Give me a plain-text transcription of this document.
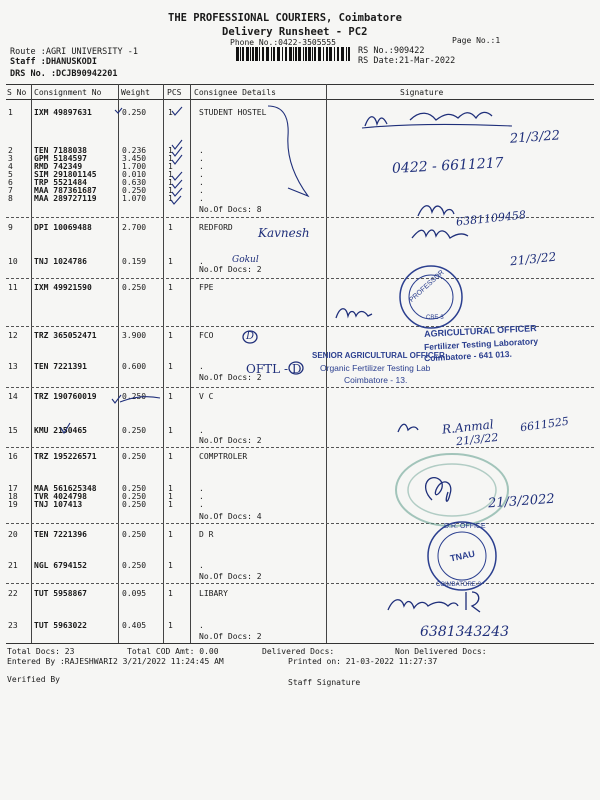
THE PROFESSIONAL COURIERS, Coimbatore
Delivery Runsheet - PC2
Phone No.:0422-3505555	Page No.:1
Route :AGRI UNIVERSITY -1
Staff :DHANUSKODI
DRS No. :DCJB90942201
RS No.:909422
RS Date:21-Mar-2022
S No Consignment No Weight PCS Consignee Details	Signature
1	IXM 49897631	0.250	1	STUDENT HOSTEL
2	TEN 7188038	0.236	1	.
3	GPM 5184597	3.450	1	.
4	RMD 742349	1.700	1	.
5	SIM 291801145	0.010	1	.
6	TRP 5521484	0.630	1	.
7	MAA 787361687	0.250	1	.
8	MAA 289727119	1.070	1	.
No.Of Docs: 8
9	DPI 10069488	2.700	1	REDFORD
10 TNJ 1024786	0.159	1	.
No.Of Docs: 2
11 IXM 49921590	0.250	1	FPE
12 TRZ 365052471	3.900	1	FCO
13 TEN 7221391	0.600	1	.
No.Of Docs: 2
14 TRZ 190760019	0.250	1	V C
15 KMU 2150465	0.250	1	.
No.Of Docs: 2
16 TRZ 195226571	0.250	1	COMPTROLER
17 MAA 561625348	0.250	1	.
18 TVR 4024798	0.250	1	.
19 TNJ 107413	0.250	1	.
No.Of Docs: 4
20 TEN 7221396	0.250	1	D R
21 NGL 6794152	0.250	1	.
No.Of Docs: 2
22 TUT 5958867	0.095	1	LIBARY
23 TUT 5963022	0.405	1	.
No.Of Docs: 2
Total Docs: 23	Total COD Amt: 0.00	Delivered Docs:	Non Delivered Docs:
Entered By :RAJESHWARI2 3/21/2022 11:24:45 AM	Printed on: 21-03-2022 11:27:37
Verified By	Staff Signature
PROFESSOR
CBE-3
AGRICULTURAL OFFICER
Fertilizer Testing Laboratory
Coimbatore - 641 013.
SENIOR AGRICULTURAL OFFICER
Organic Fertilizer Testing Lab
Coimbatore - 13.
D.R. OFFICE
TNAU
COIMBATORE-3
21/3/22
0422 - 6611217
Kavnesh
6381109458
21/3/22
Gokul
D
OFTL - D
R.Anmal
21/3/22
6611525
21/3/2022
6381343243
